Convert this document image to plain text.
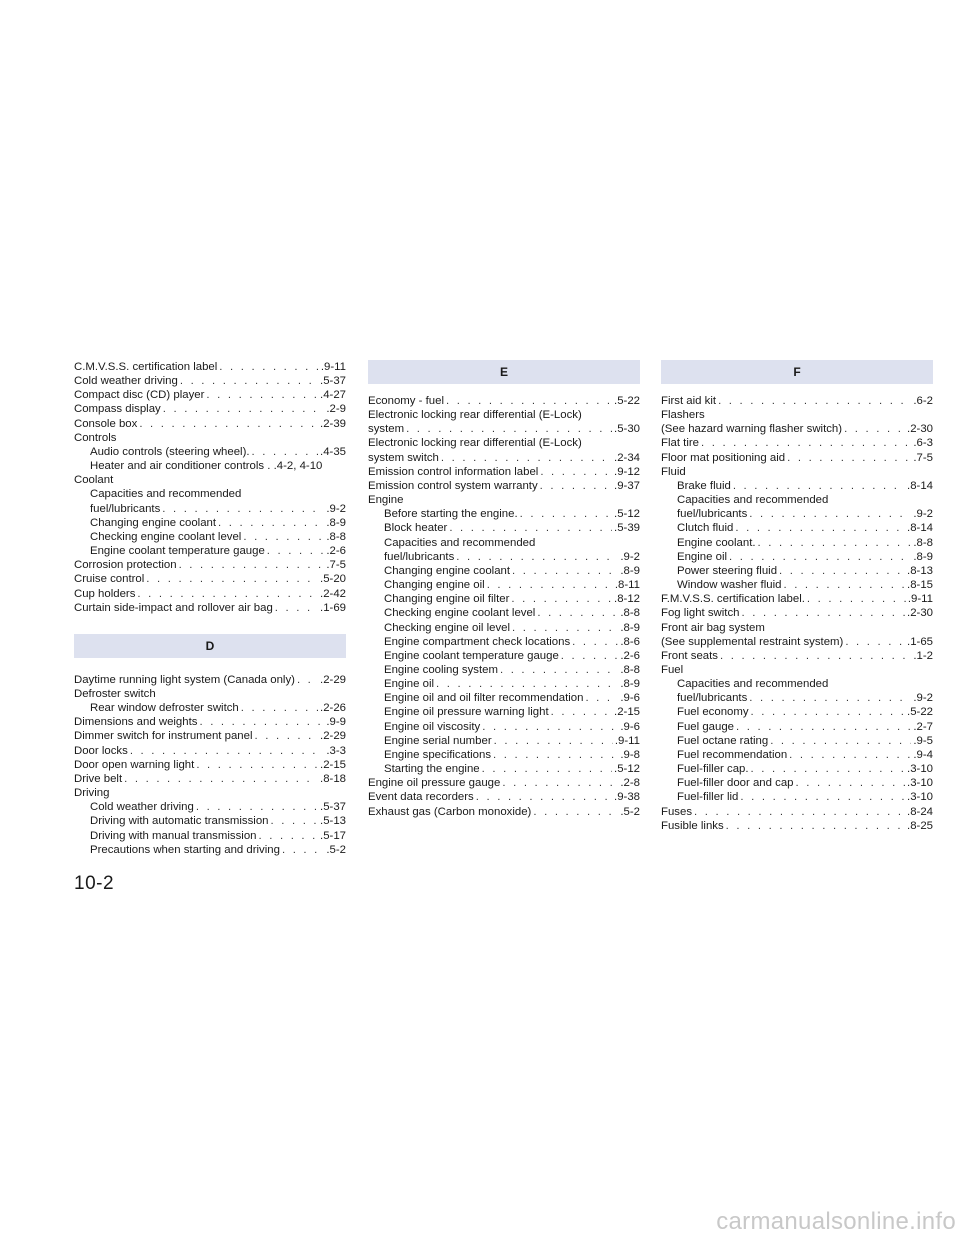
C.M.V.S.S. certification label . . .	.9-11
Cold weather driving . . .	.5-37
Compact disc (CD) player . . .	.4-27
Compass display . . .	.2-9
Console box . . .	.2-39
Controls
Audio controls (steering wheel). . . .	.4-35
Heater and air conditioner controls . .4-2, 4-10
Coolant
Capacities and recommended
fuel/lubricants . . .	.9-2
Changing engine coolant . . .	.8-9
Checking engine coolant level . . .	.8-8
Engine coolant temperature gauge . . .	.2-6
Corrosion protection . . .	.7-5
Cruise control . . .	.5-20
Cup holders . . .	.2-42
Curtain side-impact and rollover air bag . . .	.1-69
D
Daytime running light system (Canada only) . . . .2-29
Defroster switch
Rear window defroster switch . . .	.2-26
Dimensions and weights . . .	.9-9
Dimmer switch for instrument panel . . .	.2-29
Door locks . . .	.3-3
Door open warning light . . .	.2-15
Drive belt . . .	.8-18
Driving
Cold weather driving . . .	.5-37
Driving with automatic transmission . . .	.5-13
Driving with manual transmission . . .	.5-17
Precautions when starting and driving . . .	.5-2
E
Economy - fuel . . .	.5-22
Electronic locking rear differential (E-Lock)
system . . .	.5-30
Electronic locking rear differential (E-Lock)
system switch . . .	.2-34
Emission control information label . . .	.9-12
Emission control system warranty . . .	.9-37
Engine
Before starting the engine. . . .	.5-12
Block heater . . .	.5-39
Capacities and recommended
fuel/lubricants . . .	.9-2
Changing engine coolant . . .	.8-9
Changing engine oil . . .	.8-11
Changing engine oil filter . . .	.8-12
Checking engine coolant level . . .	.8-8
Checking engine oil level . . .	.8-9
Engine compartment check locations . . .	.8-6
Engine coolant temperature gauge . . .	.2-6
Engine cooling system . . .	.8-8
Engine oil . . .	.8-9
Engine oil and oil filter recommendation . . .	.9-6
Engine oil pressure warning light . . .	.2-15
Engine oil viscosity . . .	.9-6
Engine serial number . . .	.9-11
Engine specifications . . .	.9-8
Starting the engine . . .	.5-12
Engine oil pressure gauge . . .	.2-8
Event data recorders . . .	.9-38
Exhaust gas (Carbon monoxide) . . .	.5-2
F
First aid kit . . .	.6-2
Flashers
(See hazard warning flasher switch) . . .	.2-30
Flat tire . . .	.6-3
Floor mat positioning aid . . .	.7-5
Fluid
Brake fluid . . .	.8-14
Capacities and recommended
fuel/lubricants . . .	.9-2
Clutch fluid . . .	.8-14
Engine coolant. . . .	.8-8
Engine oil . . .	.8-9
Power steering fluid . . .	.8-13
Window washer fluid . . .	.8-15
F.M.V.S.S. certification label. . . .	.9-11
Fog light switch . . .	.2-30
Front air bag system
(See supplemental restraint system) . . .	.1-65
Front seats . . .	.1-2
Fuel
Capacities and recommended
fuel/lubricants . . .	.9-2
Fuel economy . . .	.5-22
Fuel gauge . . .	.2-7
Fuel octane rating . . .	.9-5
Fuel recommendation . . .	.9-4
Fuel-filler cap. . . .	.3-10
Fuel-filler door and cap . . .	.3-10
Fuel-filler lid . . .	.3-10
Fuses . . .	.8-24
Fusible links . . .	.8-25
10-2
carmanualsonline.info
